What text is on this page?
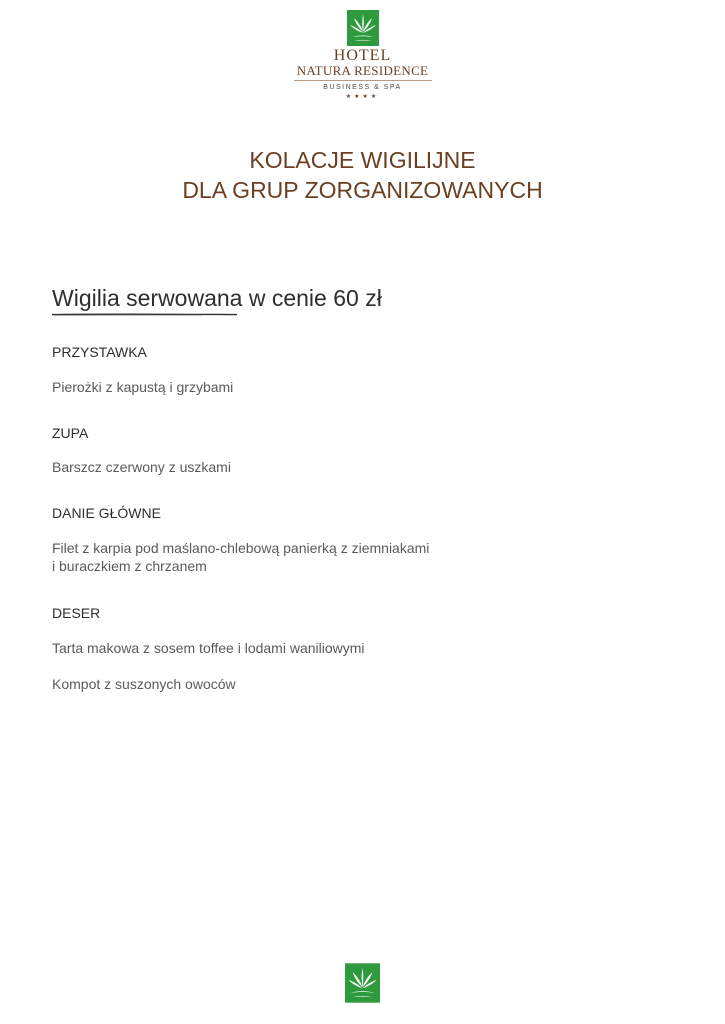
HOTEL
NATURA RESIDENCE
BUSINESS & SPA
★★★★
KOLACJE WIGILIJNE
DLA GRUP ZORGANIZOWANYCH
Wigilia serwowana w cenie 60 zł
PRZYSTAWKA
Pierożki z kapustą i grzybami
ZUPA
Barszcz czerwony z uszkami
DANIE GŁÓWNE
Filet z karpia pod maślano-chlebową panierką z ziemniakami
i buraczkiem z chrzanem
DESER
Tarta makowa z sosem toffee i lodami waniliowymi
Kompot z suszonych owoców
